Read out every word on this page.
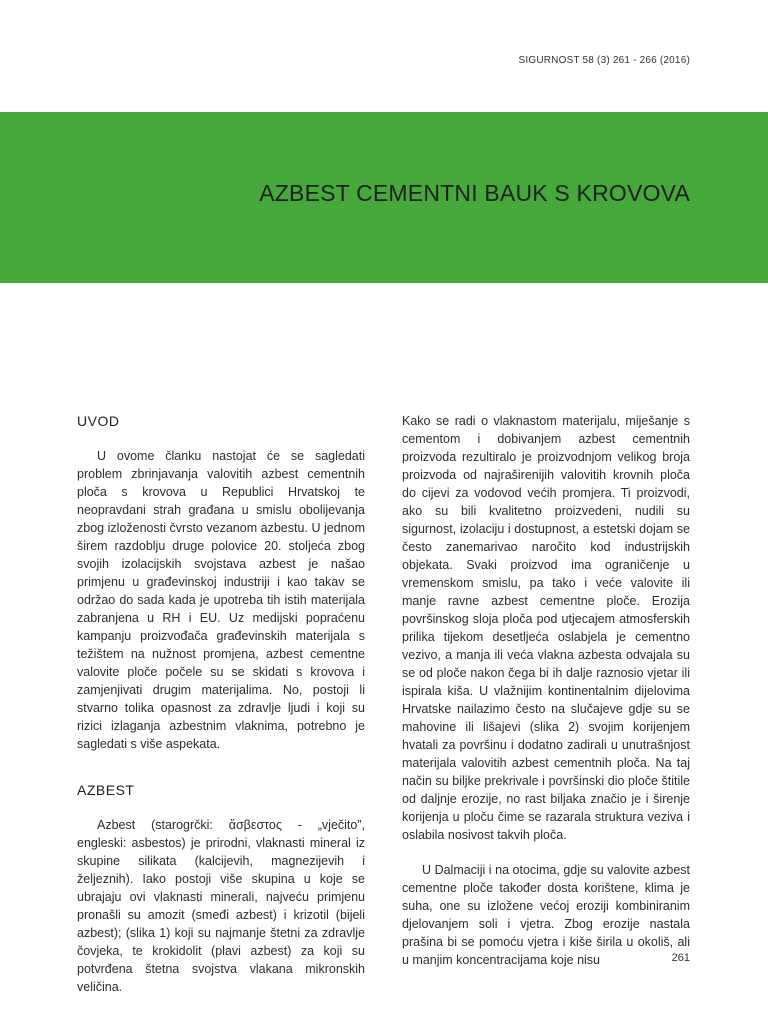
SIGURNOST 58 (3) 261 - 266 (2016)
AZBEST CEMENTNI BAUK S KROVOVA
UVOD

U ovome članku nastojat će se sagledati problem zbrinjavanja valovitih azbest cementnih ploča s krovova u Republici Hrvatskoj te neopravdani strah građana u smislu obolijevanja zbog izloženosti čvrsto vezanom azbestu. U jednom širem razdoblju druge polovice 20. stoljeća zbog svojih izolacijskih svojstava azbest je našao primjenu u građevinskoj industriji i kao takav se održao do sada kada je upotreba tih istih materijala zabranjena u RH i EU. Uz medijski popraćenu kampanju proizvođača građevinskih materijala s težištem na nužnost promjena, azbest cementne valovite ploče počele su se skidati s krovova i zamjenjivati drugim materijalima. No, postoji li stvarno tolika opasnost za zdravlje ljudi i koji su rizici izlaganja azbestnim vlaknima, potrebno je sagledati s više aspekata.

AZBEST

Azbest (starogrčki: ἄσβεστος - „vječito”, engleski: asbestos) je prirodni, vlaknasti mineral iz skupine silikata (kalcijevih, magnezijevih i željeznih). Iako postoji više skupina u koje se ubrajaju ovi vlaknasti minerali, najveću primjenu pronašli su amozit (smeđi azbest) i krizotil (bijeli azbest); (slika 1) koji su najmanje štetni za zdravlje čovjeka, te krokidolit (plavi azbest) za koji su potvrđena štetna svojstva vlakana mikronskih veličina.

Kako se radi o vlaknastom materijalu, miješanje s cementom i dobivanjem azbest cementnih proizvoda rezultiralo je proizvodnjom velikog broja proizvoda od najraširenijih valovitih krovnih ploča do cijevi za vodovod većih promjera. Ti proizvodi, ako su bili kvalitetno proizvedeni, nudili su sigurnost, izolaciju i dostupnost, a estetski dojam se često zanemarivao naročito kod industrijskih objekata. Svaki proizvod ima ograničenje u vremenskom smislu, pa tako i veće valovite ili manje ravne azbest cementne ploče. Erozija površinskog sloja ploča pod utjecajem atmosferskih prilika tijekom desetljeća oslabjela je cementno vezivo, a manja ili veća vlakna azbesta odvajala su se od ploče nakon čega bi ih dalje raznosio vjetar ili ispirala kiša. U vlažnijim kontinentalnim dijelovima Hrvatske nailazimo često na slučajeve gdje su se mahovine ili lišajevi (slika 2) svojim korijenjem hvatali za površinu i dodatno zadirali u unutrašnjost materijala valovitih azbest cementnih ploča. Na taj način su biljke prekrivale i površinski dio ploče štitile od daljnje erozije, no rast biljaka značio je i širenje korijenja u ploču čime se razarala struktura veziva i oslabila nosivost takvih ploča.

U Dalmaciji i na otocima, gdje su valovite azbest cementne ploče također dosta korištene, klima je suha, one su izložene većoj eroziji kombiniranim djelovanjem soli i vjetra. Zbog erozije nastala prašina bi se pomoću vjetra i kiše širila u okoliš, ali u manjim koncentracijama koje nisu	261
